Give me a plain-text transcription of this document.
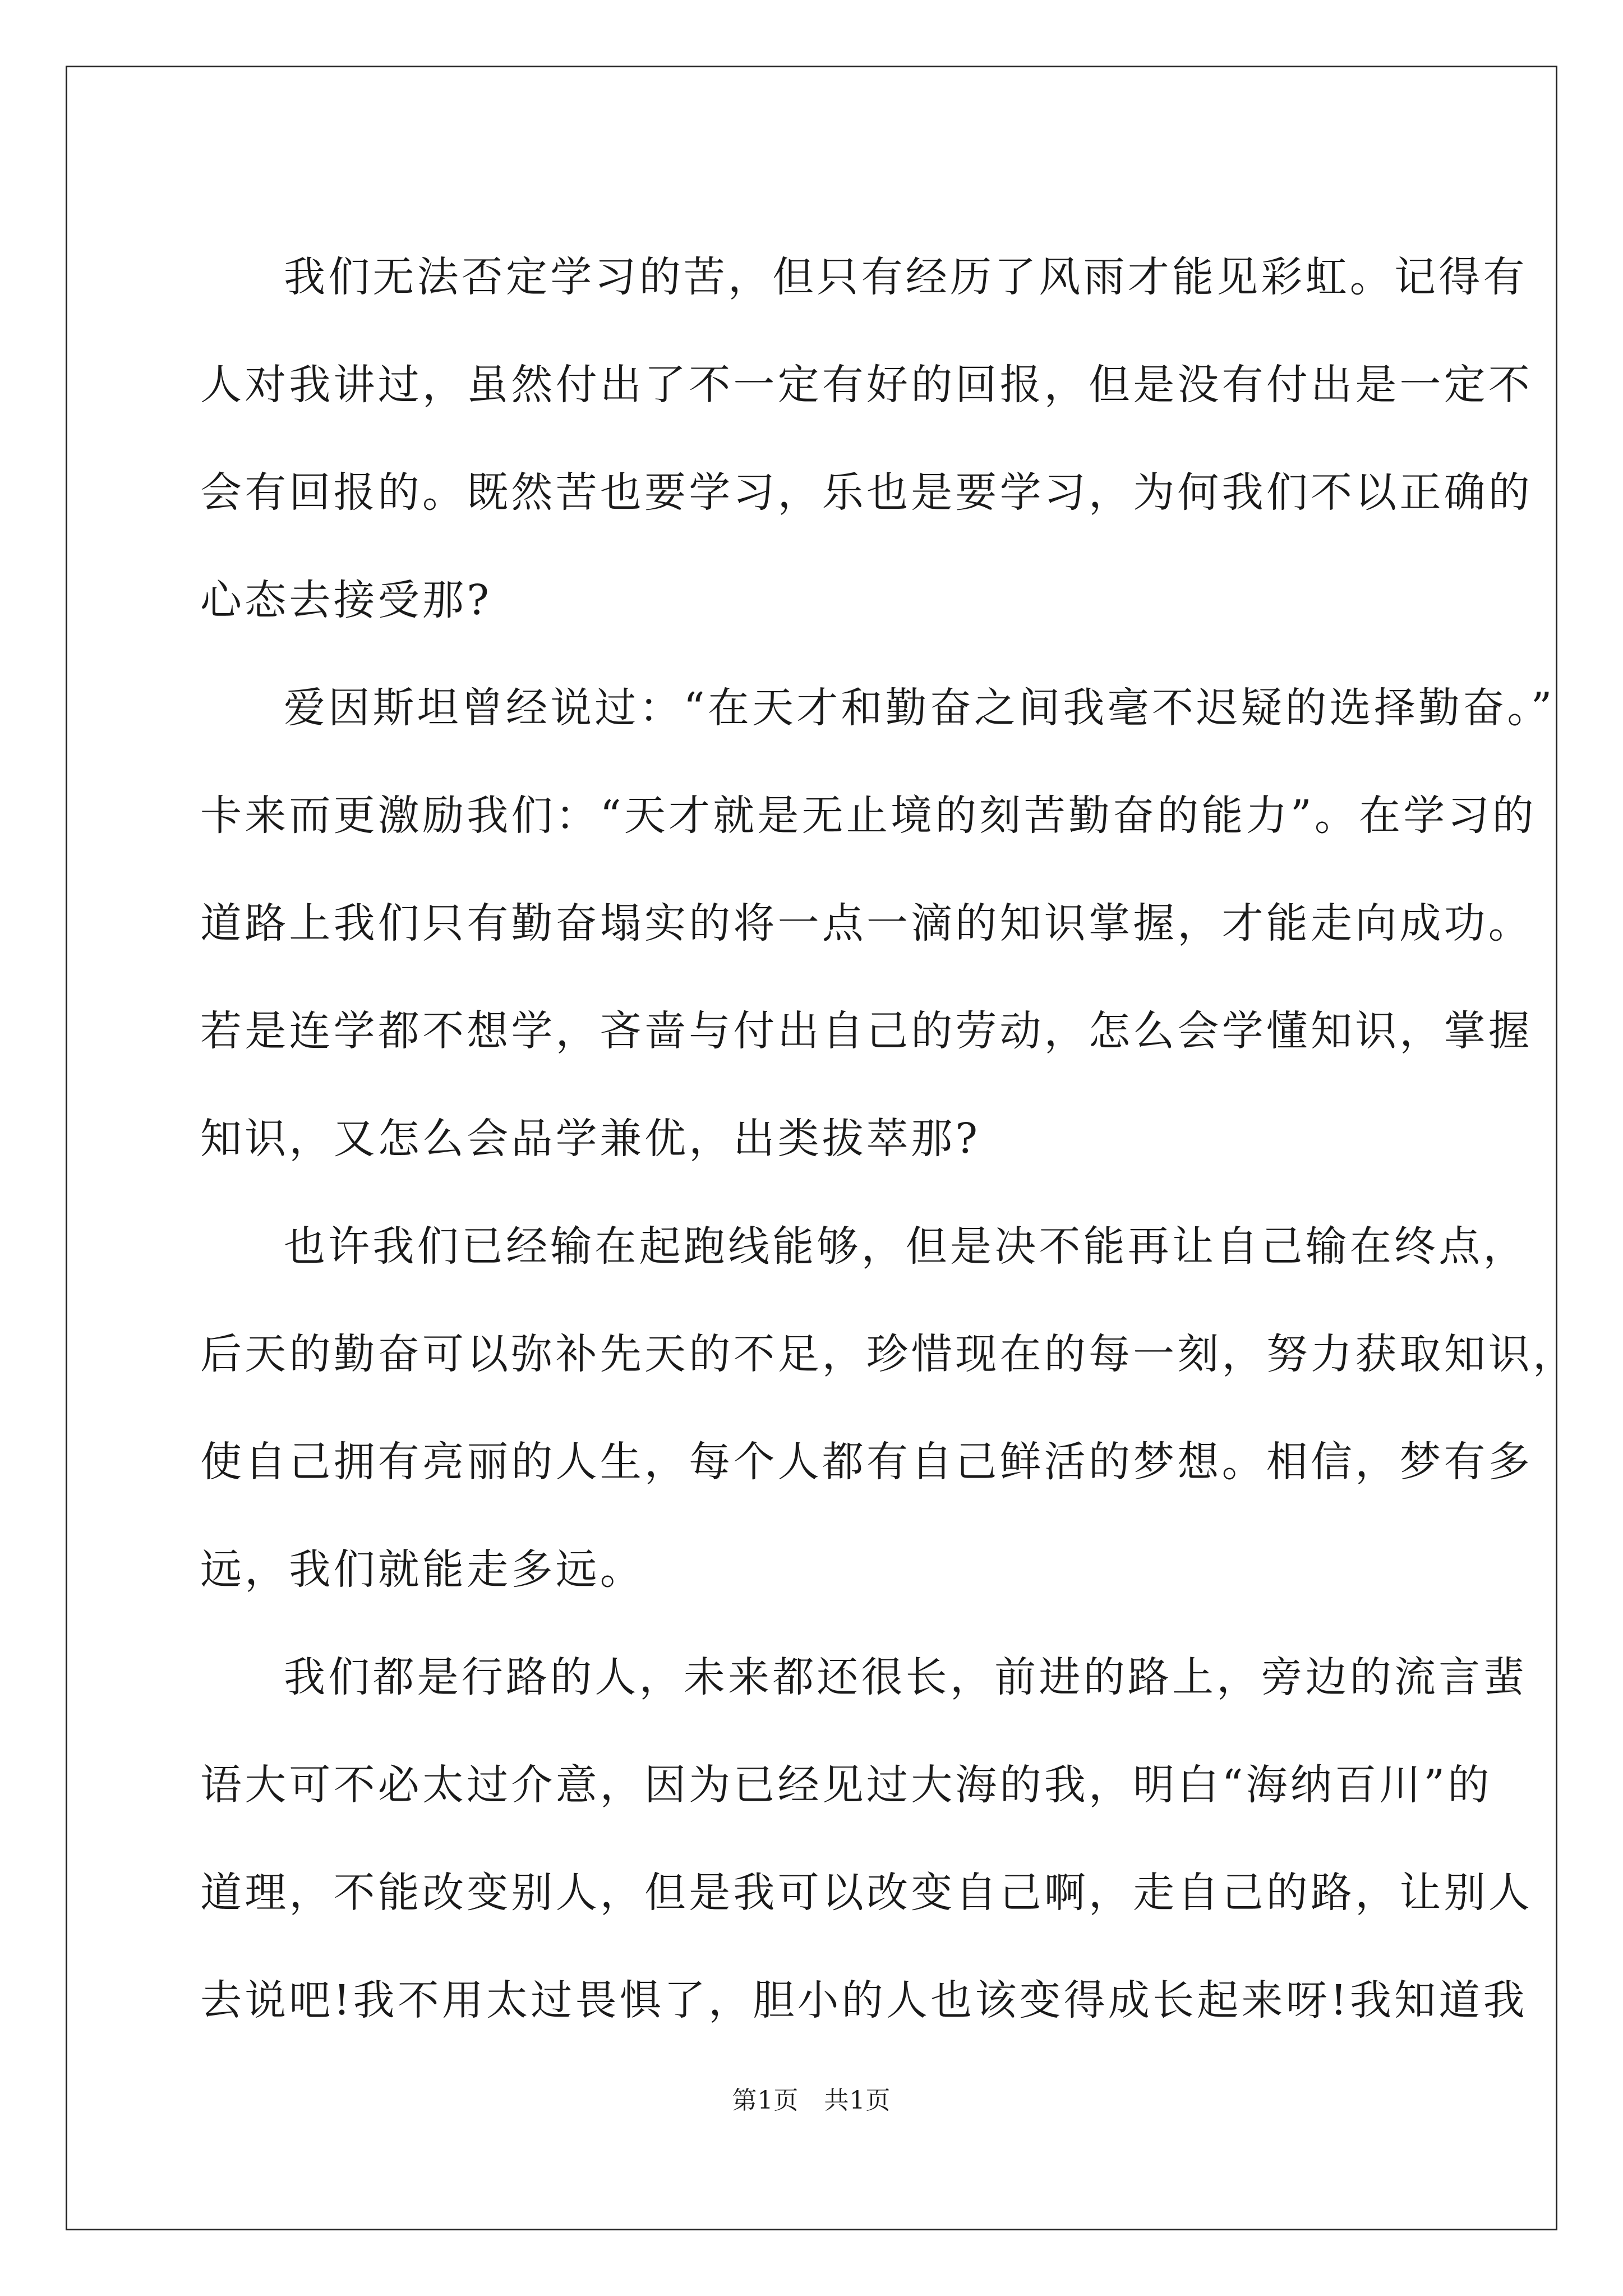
我们无法否定学习的苦，但只有经历了风雨才能见彩虹。记得有
人对我讲过，虽然付出了不一定有好的回报，但是没有付出是一定不
会有回报的。既然苦也要学习，乐也是要学习，为何我们不以正确的
心态去接受那?
爱因斯坦曾经说过：“在天才和勤奋之间我毫不迟疑的选择勤奋。”
卡来而更激励我们：“天才就是无止境的刻苦勤奋的能力”。在学习的
道路上我们只有勤奋塌实的将一点一滴的知识掌握，才能走向成功。
若是连学都不想学，吝啬与付出自己的劳动，怎么会学懂知识，掌握
知识，又怎么会品学兼优，出类拔萃那?
也许我们已经输在起跑线能够，但是决不能再让自己输在终点，
后天的勤奋可以弥补先天的不足，珍惜现在的每一刻，努力获取知识，
使自己拥有亮丽的人生，每个人都有自己鲜活的梦想。相信，梦有多
远，我们就能走多远。
我们都是行路的人，未来都还很长，前进的路上，旁边的流言蜚
语大可不必太过介意，因为已经见过大海的我，明白“海纳百川”的
道理，不能改变别人，但是我可以改变自己啊，走自己的路，让别人
去说吧!我不用太过畏惧了，胆小的人也该变得成长起来呀!我知道我
第1页   共1页
